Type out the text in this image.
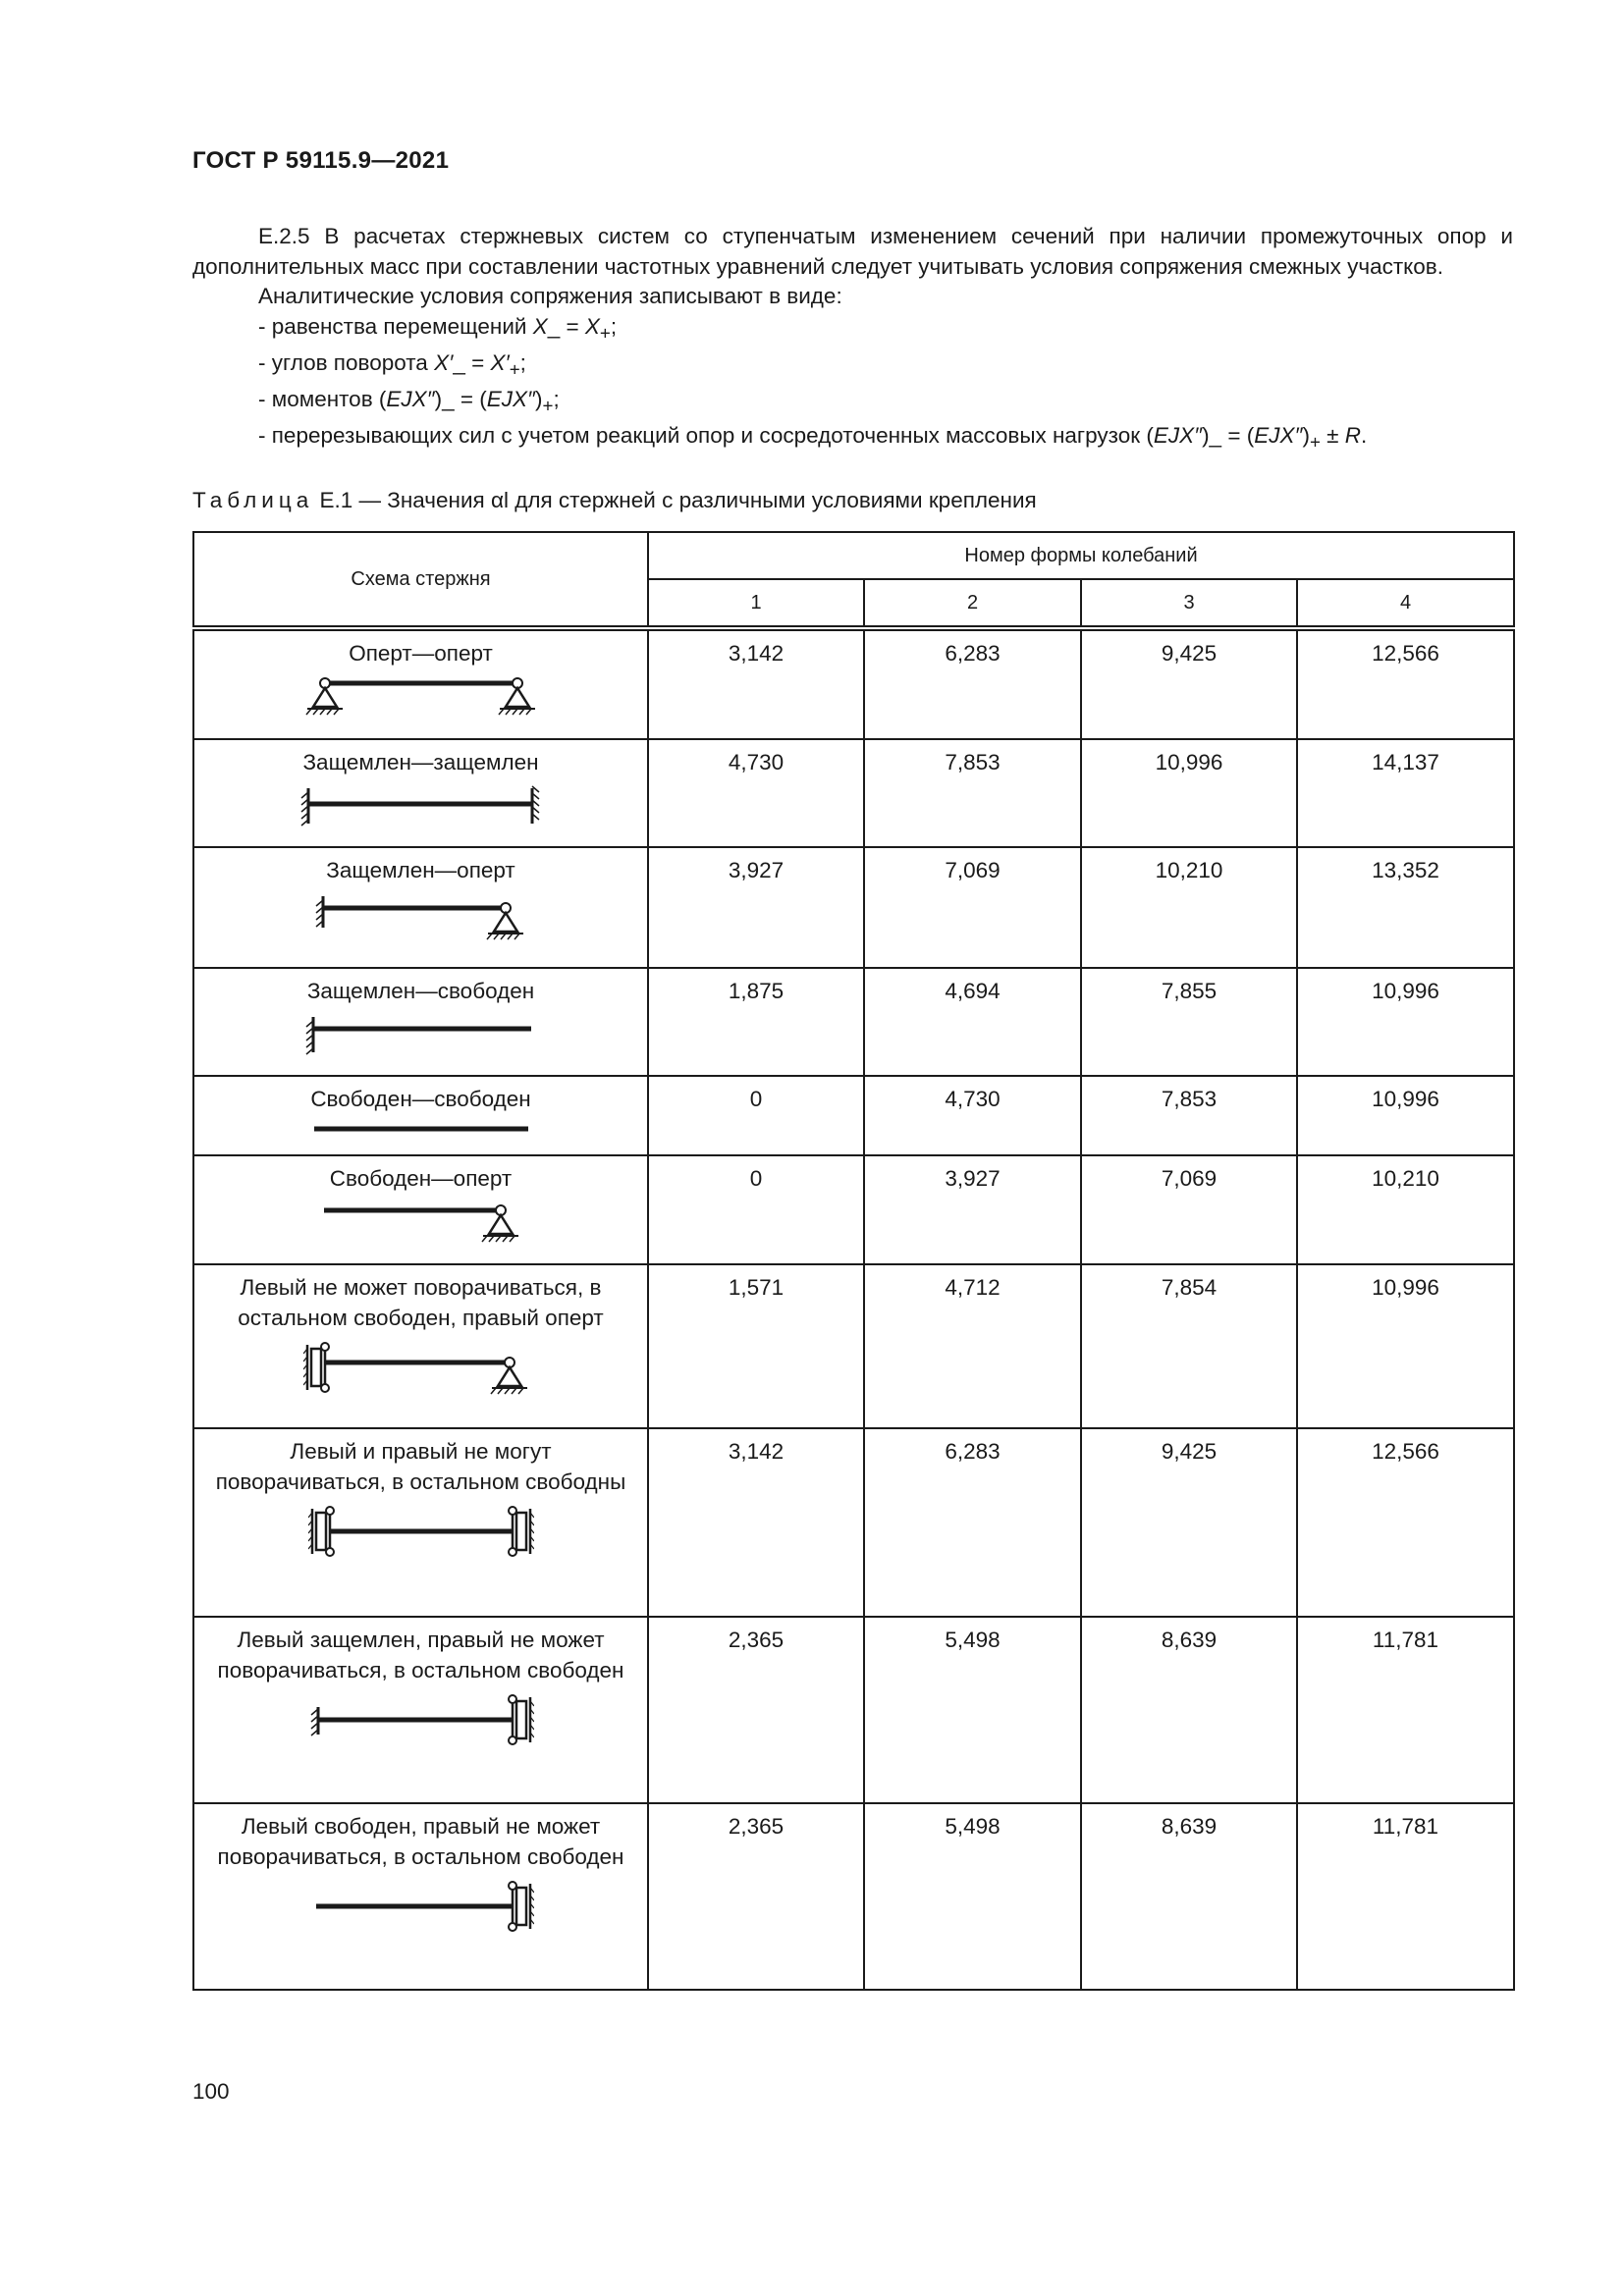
ГОСТ Р 59115.9—2021

Е.2.5 В расчетах стержневых систем со ступенчатым изменением сечений при наличии промежуточных опор и дополнительных масс при составлении частотных уравнений следует учитывать условия сопряжения смежных участков.

Аналитические условия сопряжения записывают в виде:

- равенства перемещений X_ = $X_+$;

- углов поворота X′_ = $X'_+$;

- моментов (EJX″)_ = $(EJX'')_+$;

- перерезывающих сил с учетом реакций опор и сосредоточенных массовых нагрузок (EJX″)_ = $(EJX'')_+ \pm R$.

Таблица Е.1 — Значения αl для стержней с различными условиями крепления
Схема стержня	Номер формы колебаний			
	1	2	3	4

Оперт—оперт	3,142	6,283	9,425	12,566

Защемлен—защемлен	4,730	7,853	10,996	14,137

Защемлен—оперт	3,927	7,069	10,210	13,352

Защемлен—свободен	1,875	4,694	7,855	10,996

Свободен—свободен	0	4,730	7,853	10,996

Свободен—оперт	0	3,927	7,069	10,210

Левый не может поворачиваться, в остальном свободен, правый оперт	1,571	4,712	7,854	10,996

Левый и правый не могут поворачиваться, в остальном свободны	3,142	6,283	9,425	12,566

Левый защемлен, правый не может поворачиваться, в остальном свободен	2,365	5,498	8,639	11,781

Левый свободен, правый не может поворачиваться, в остальном свободен	2,365	5,498	8,639	11,781
100
